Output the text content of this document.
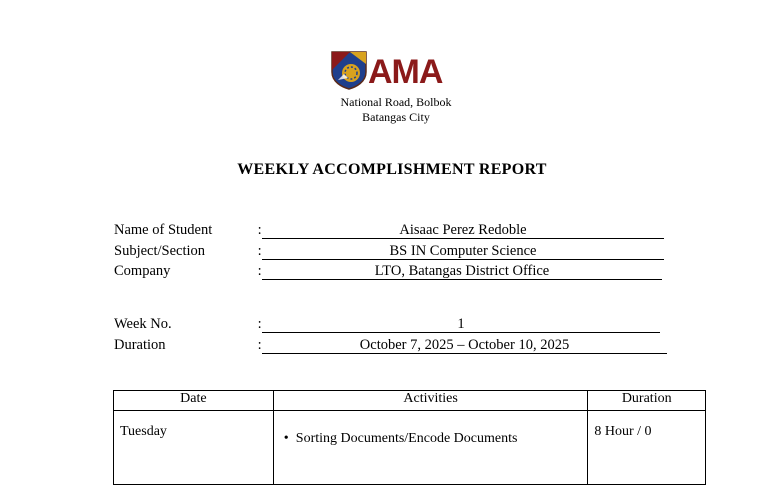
AMA
National Road, Bolbok
Batangas City
WEEKLY ACCOMPLISHMENT REPORT
Name of Student	:	Aisaac Perez Redoble
Subject/Section	:	BS IN Computer Science
Company	:	LTO, Batangas District Office
Week No.	:	1
Duration	:	October 7, 2025 – October 10, 2025
Date	Activities	Duration
Tuesday	• Sorting Documents/Encode Documents	8 Hour / 0
